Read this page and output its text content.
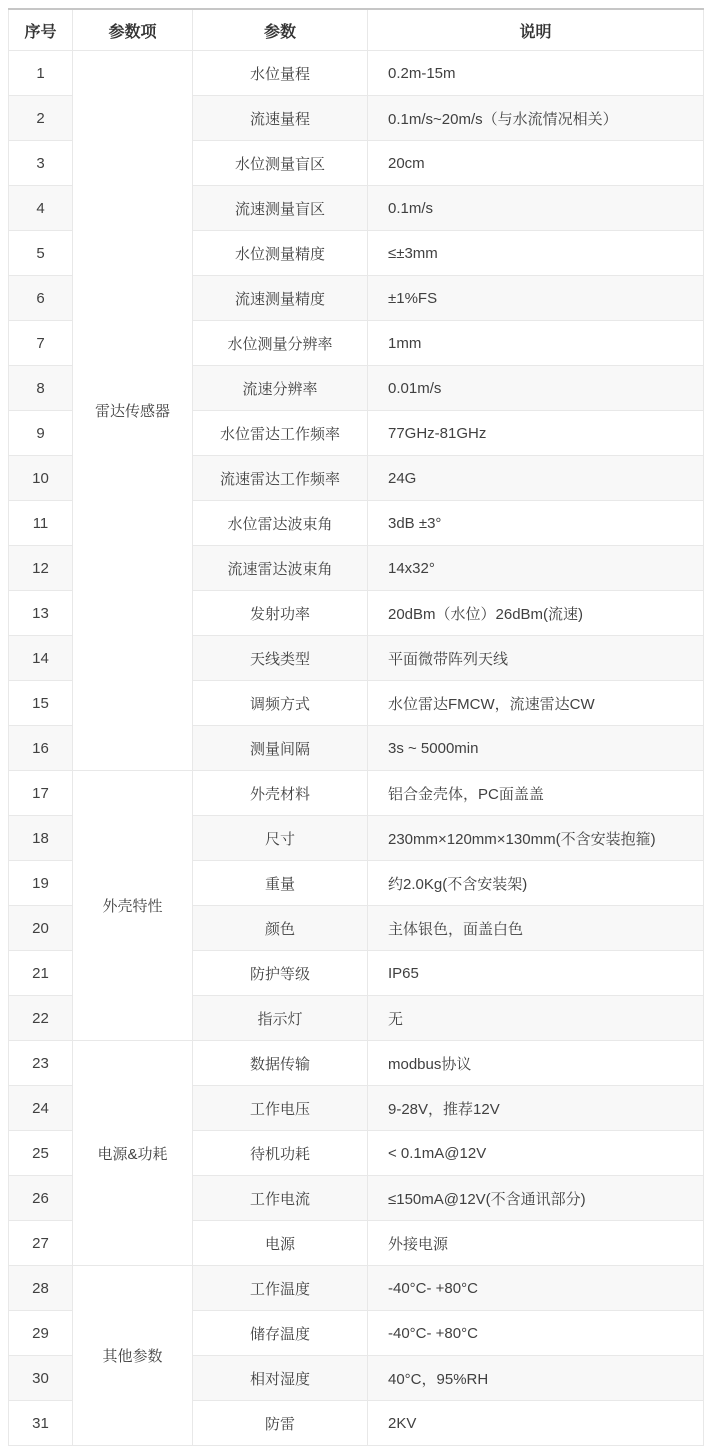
序号	参数项	参数	说明
1	雷达传感器	水位量程	0.2m-15m
2		流速量程	0.1m/s~20m/s（与水流情况相关）
3		水位测量盲区	20cm
4		流速测量盲区	0.1m/s
5		水位测量精度	≤±3mm
6		流速测量精度	±1%FS
7		水位测量分辨率	1mm
8		流速分辨率	0.01m/s
9		水位雷达工作频率	77GHz-81GHz
10		流速雷达工作频率	24G
11		水位雷达波束角	3dB ±3°
12		流速雷达波束角	14x32°
13		发射功率	20dBm（水位）26dBm(流速)
14		天线类型	平面微带阵列天线
15		调频方式	水位雷达FMCW，流速雷达CW
16		测量间隔	3s ~ 5000min
17	外壳特性	外壳材料	铝合金壳体，PC面盖盖
18		尺寸	230mm×120mm×130mm(不含安装抱箍)
19		重量	约2.0Kg(不含安装架)
20		颜色	主体银色，面盖白色
21		防护等级	IP65
22		指示灯	无
23	电源&功耗	数据传输	modbus协议
24		工作电压	9-28V，推荐12V
25		待机功耗	< 0.1mA@12V
26		工作电流	≤150mA@12V(不含通讯部分)
27		电源	外接电源
28	其他参数	工作温度	-40°C- +80°C
29		储存温度	-40°C- +80°C
30		相对湿度	40°C，95%RH
31		防雷	2KV
